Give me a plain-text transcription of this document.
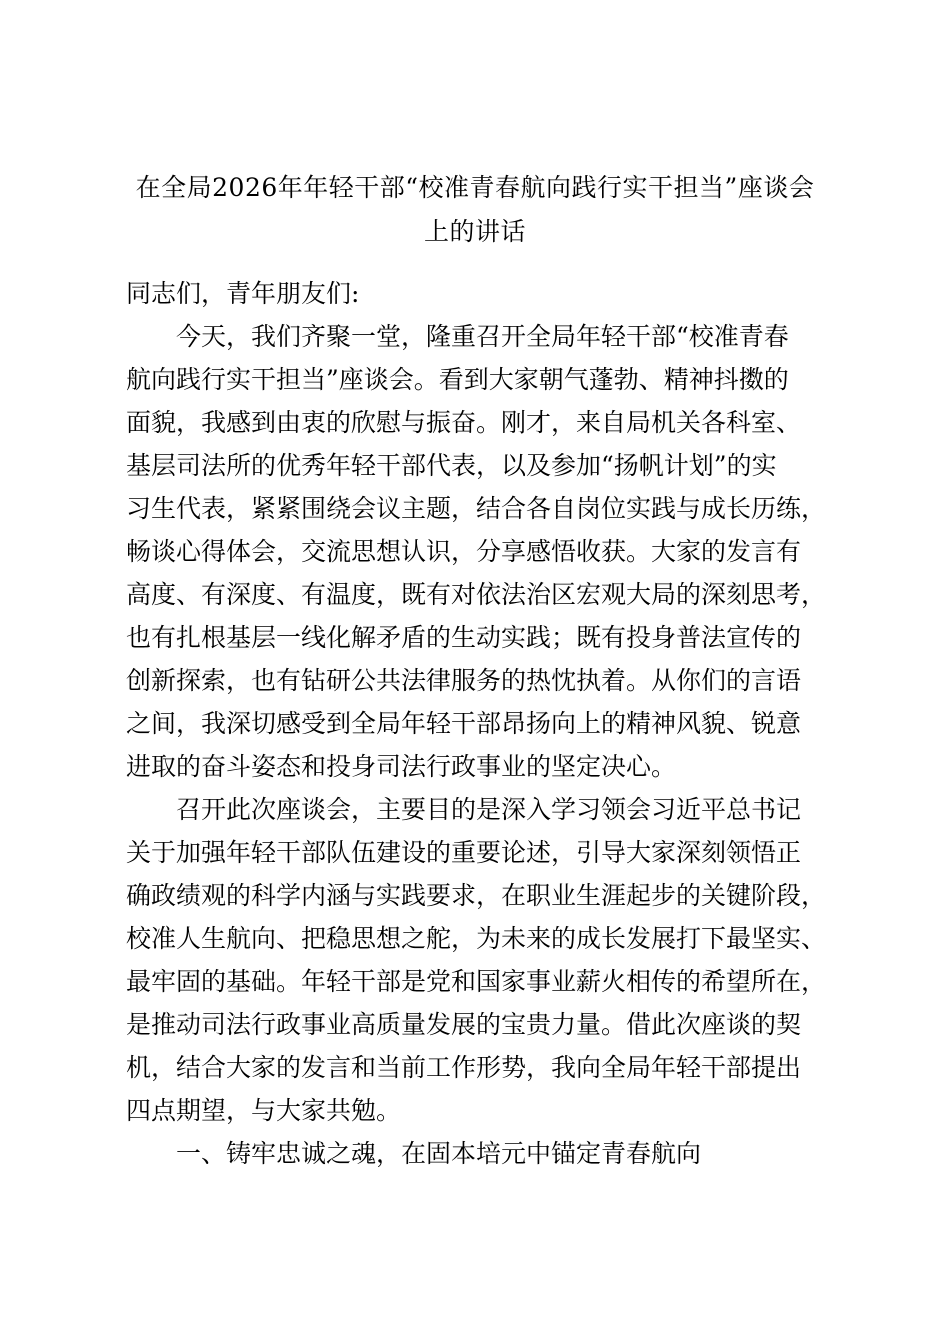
在全局2026年年轻干部“校准青春航向践行实干担当”座谈会
上的讲话
同志们，青年朋友们:
　　今天，我们齐聚一堂，隆重召开全局年轻干部“校准青春
航向践行实干担当”座谈会。看到大家朝气蓬勃、精神抖擞的
面貌，我感到由衷的欣慰与振奋。刚才，来自局机关各科室、
基层司法所的优秀年轻干部代表，以及参加“扬帆计划”的实
习生代表，紧紧围绕会议主题，结合各自岗位实践与成长历练，
畅谈心得体会，交流思想认识，分享感悟收获。大家的发言有
高度、有深度、有温度，既有对依法治区宏观大局的深刻思考，
也有扎根基层一线化解矛盾的生动实践；既有投身普法宣传的
创新探索，也有钻研公共法律服务的热忱执着。从你们的言语
之间，我深切感受到全局年轻干部昂扬向上的精神风貌、锐意
进取的奋斗姿态和投身司法行政事业的坚定决心。
　　召开此次座谈会，主要目的是深入学习领会习近平总书记
关于加强年轻干部队伍建设的重要论述，引导大家深刻领悟正
确政绩观的科学内涵与实践要求，在职业生涯起步的关键阶段，
校准人生航向、把稳思想之舵，为未来的成长发展打下最坚实、
最牢固的基础。年轻干部是党和国家事业薪火相传的希望所在，
是推动司法行政事业高质量发展的宝贵力量。借此次座谈的契
机，结合大家的发言和当前工作形势，我向全局年轻干部提出
四点期望，与大家共勉。
　　一、铸牢忠诚之魂，在固本培元中锚定青春航向
